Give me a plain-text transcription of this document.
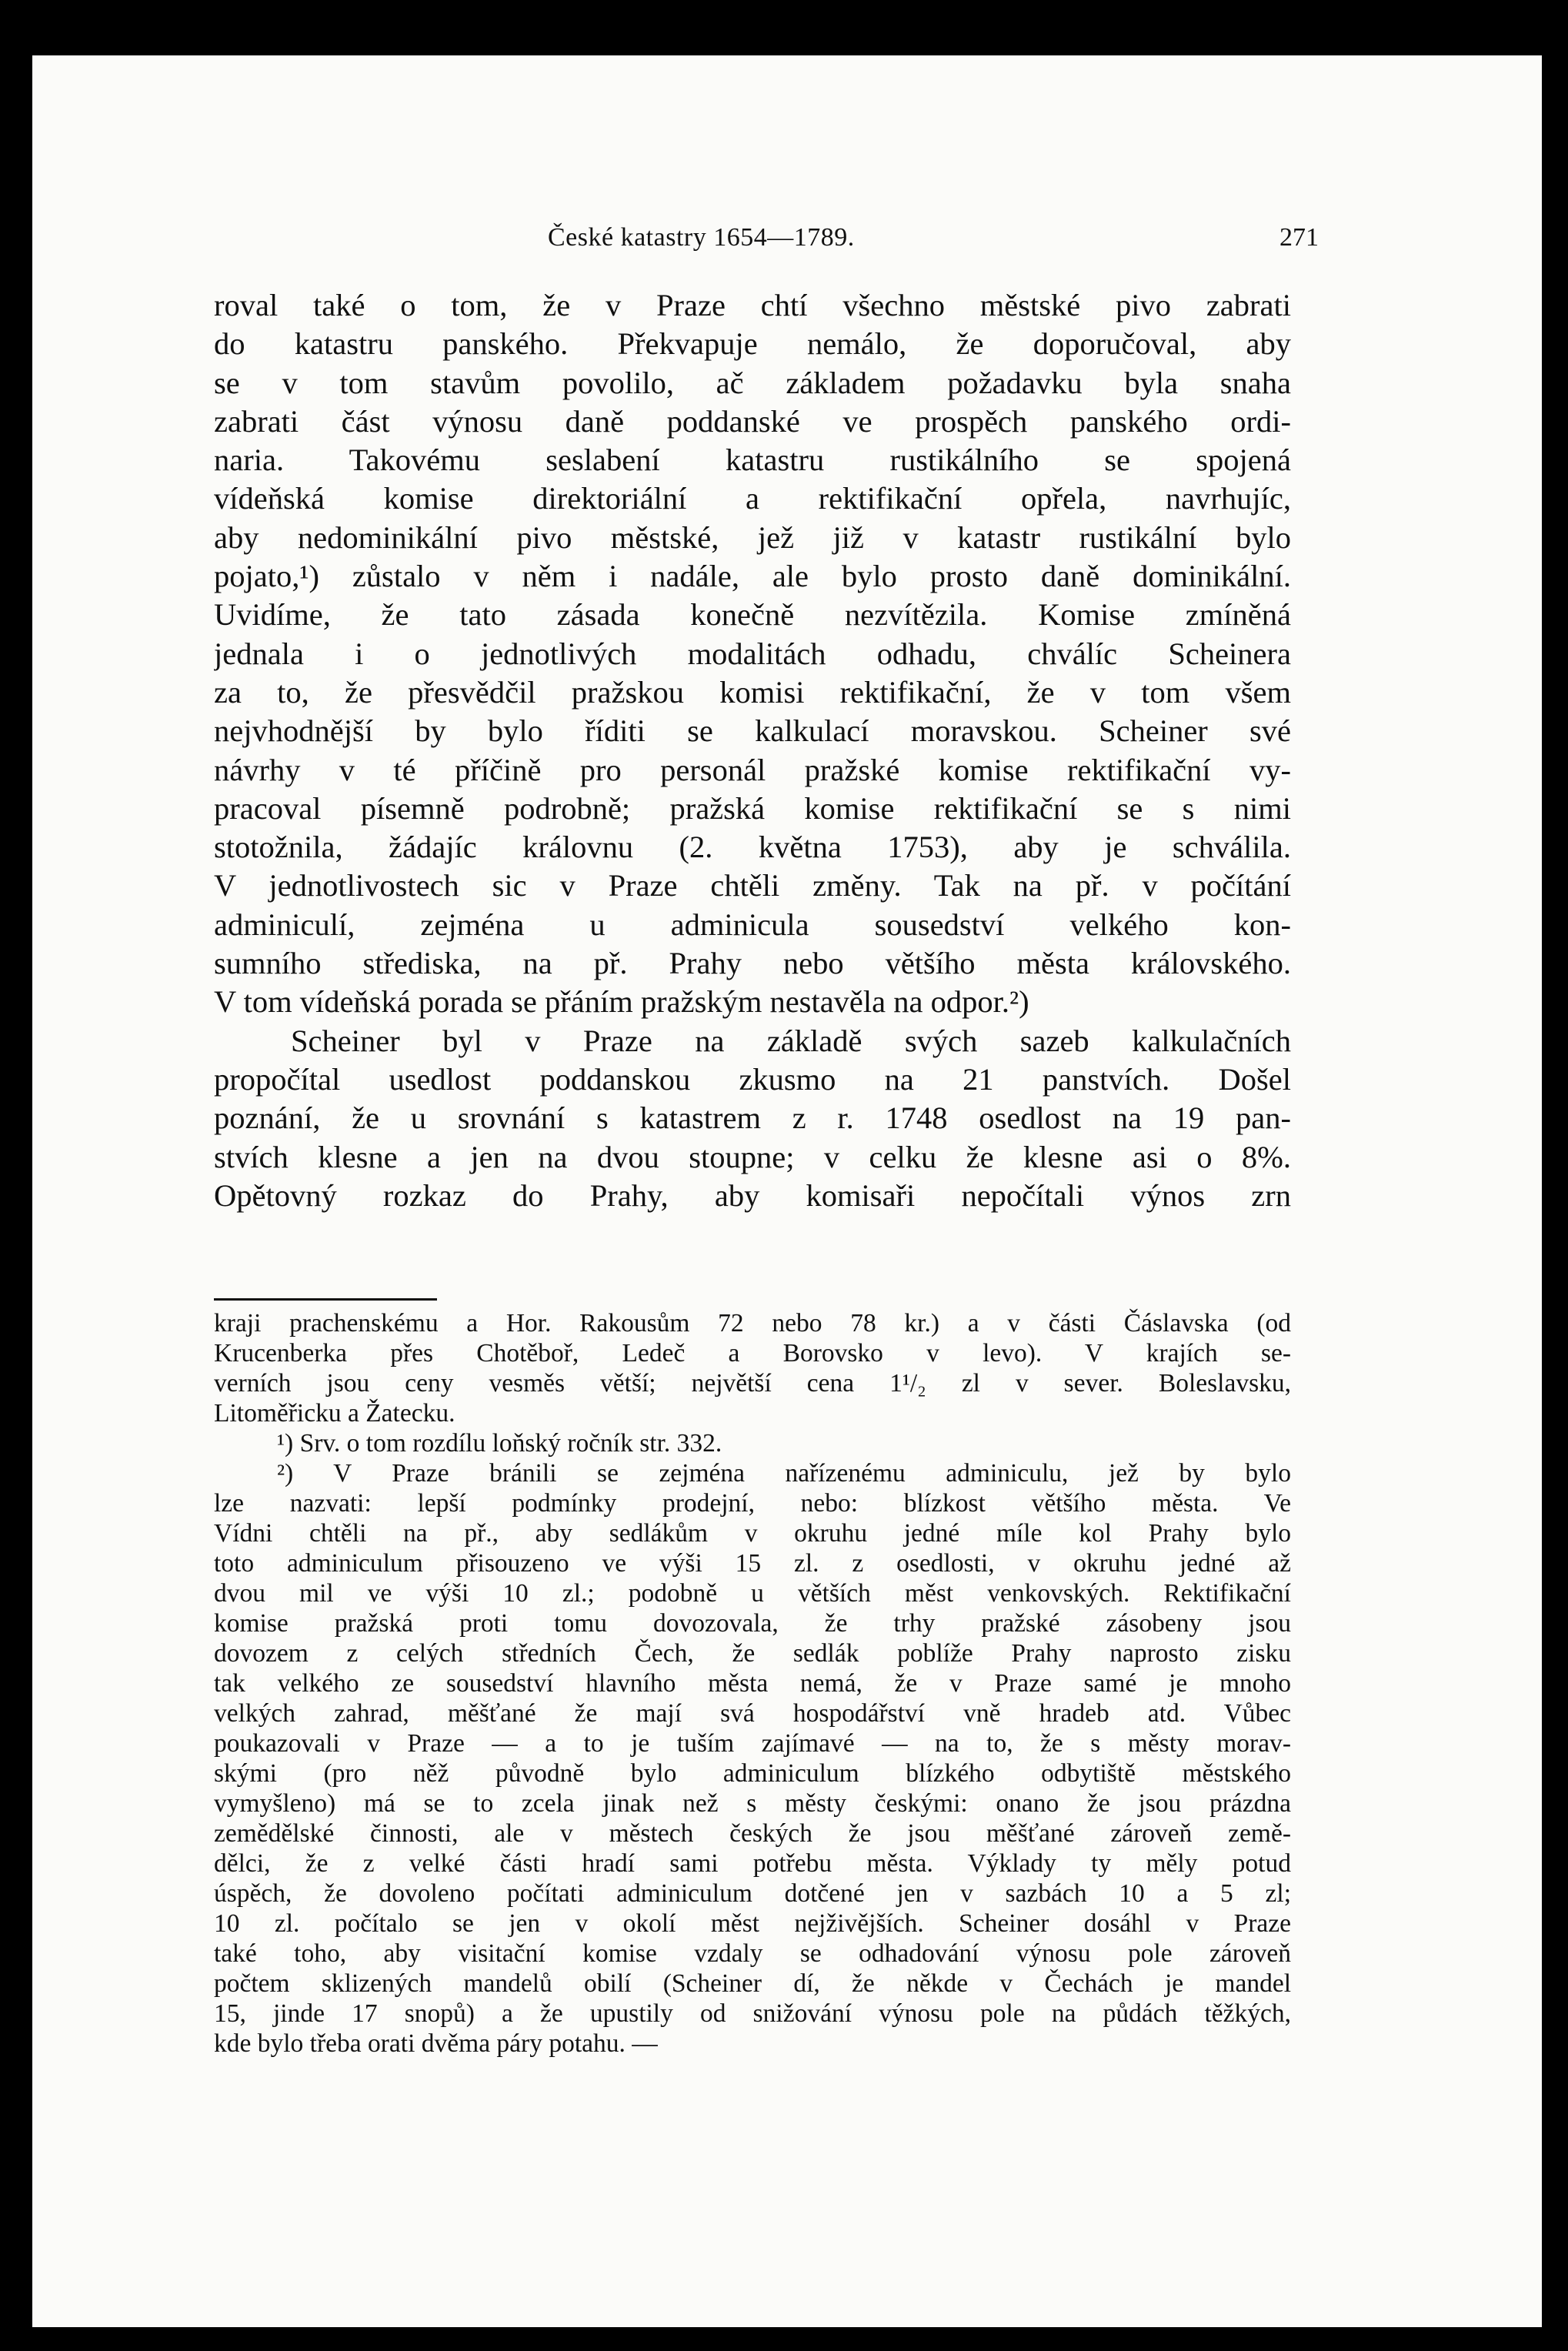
České katastry 1654—1789.	271
roval také o tom, že v Praze chtí všechno městské pivo zabrati
do katastru panského. Překvapuje nemálo, že doporučoval, aby
se v tom stavům povolilo, ač základem požadavku byla snaha
zabrati část výnosu daně poddanské ve prospěch panského ordi-
naria. Takovému seslabení katastru rustikálního se spojená
vídeňská komise direktoriální a rektifikační opřela, navrhujíc,
aby nedominikální pivo městské, jež již v katastr rustikální bylo
pojato,¹) zůstalo v něm i nadále, ale bylo prosto daně dominikální.
Uvidíme, že tato zásada konečně nezvítězila. Komise zmíněná
jednala i o jednotlivých modalitách odhadu, chválíc Scheinera
za to, že přesvědčil pražskou komisi rektifikační, že v tom všem
nejvhodnější by bylo říditi se kalkulací moravskou. Scheiner své
návrhy v té příčině pro personál pražské komise rektifikační vy-
pracoval písemně podrobně; pražská komise rektifikační se s nimi
stotožnila, žádajíc královnu (2. května 1753), aby je schválila.
V jednotlivostech sic v Praze chtěli změny. Tak na př. v počítání
adminiculí, zejména u adminicula sousedství velkého kon-
sumního střediska, na př. Prahy nebo většího města královského.
V tom vídeňská porada se přáním pražským nestavěla na odpor.²)
Scheiner byl v Praze na základě svých sazeb kalkulačních
propočítal usedlost poddanskou zkusmo na 21 panstvích. Došel
poznání, že u srovnání s katastrem z r. 1748 osedlost na 19 pan-
stvích klesne a jen na dvou stoupne; v celku že klesne asi o 8%.
Opětovný rozkaz do Prahy, aby komisaři nepočítali výnos zrn
kraji prachenskému a Hor. Rakousům 72 nebo 78 kr.) a v části Čáslavska (od
Krucenberka přes Chotěboř, Ledeč a Borovsko v levo). V krajích se-
verních jsou ceny vesměs větší; největší cena 1¹/₂ zl v sever. Boleslavsku,
Litoměřicku a Žatecku.
¹) Srv. o tom rozdílu loňský ročník str. 332.
²) V Praze bránili se zejména nařízenému adminiculu, jež by bylo
lze nazvati: lepší podmínky prodejní, nebo: blízkost většího města. Ve
Vídni chtěli na př., aby sedlákům v okruhu jedné míle kol Prahy bylo
toto adminiculum přisouzeno ve výši 15 zl. z osedlosti, v okruhu jedné až
dvou mil ve výši 10 zl.; podobně u větších měst venkovských. Rektifikační
komise pražská proti tomu dovozovala, že trhy pražské zásobeny jsou
dovozem z celých středních Čech, že sedlák poblíže Prahy naprosto zisku
tak velkého ze sousedství hlavního města nemá, že v Praze samé je mnoho
velkých zahrad, měšťané že mají svá hospodářství vně hradeb atd. Vůbec
poukazovali v Praze — a to je tuším zajímavé — na to, že s městy morav-
skými (pro něž původně bylo adminiculum blízkého odbytiště městského
vymyšleno) má se to zcela jinak než s městy českými: onano že jsou prázdna
zemědělské činnosti, ale v městech českých že jsou měšťané zároveň země-
dělci, že z velké části hradí sami potřebu města. Výklady ty měly potud
úspěch, že dovoleno počítati adminiculum dotčené jen v sazbách 10 a 5 zl;
10 zl. počítalo se jen v okolí měst nejživějších. Scheiner dosáhl v Praze
také toho, aby visitační komise vzdaly se odhadování výnosu pole zároveň
počtem sklizených mandelů obilí (Scheiner dí, že někde v Čechách je mandel
15, jinde 17 snopů) a že upustily od snižování výnosu pole na půdách těžkých,
kde bylo třeba orati dvěma páry potahu. —
